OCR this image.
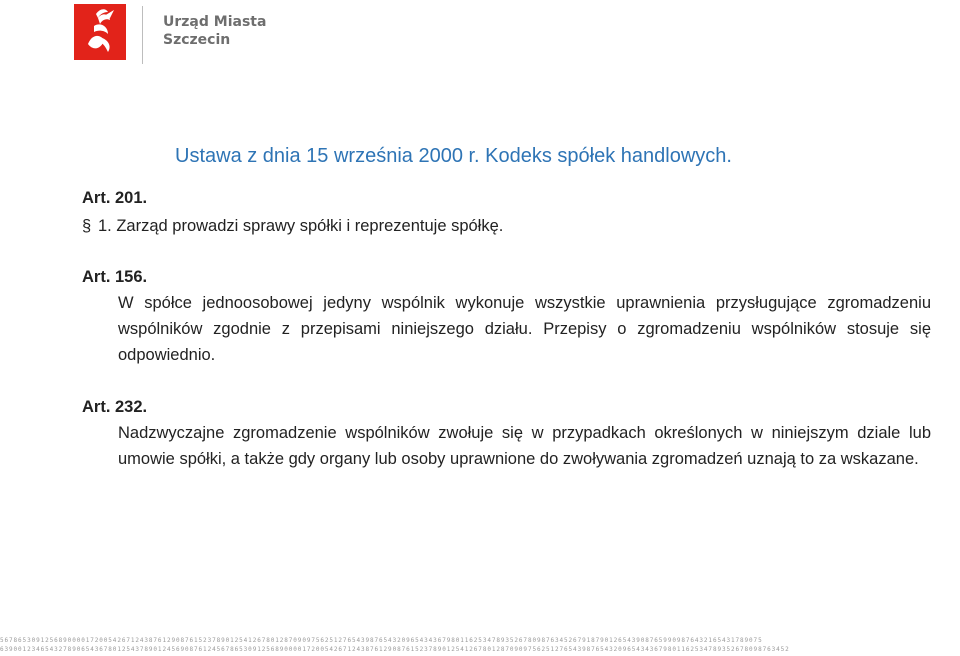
Urząd Miasta
Szczecin
Ustawa z dnia 15 września 2000 r. Kodeks spółek handlowych.
Art. 201.
§ 1. Zarząd prowadzi sprawy spółki i reprezentuje spółkę.
Art. 156.
W spółce jednoosobowej jedyny wspólnik wykonuje wszystkie uprawnienia przysługujące zgromadzeniu wspólników zgodnie z przepisami niniejszego działu. Przepisy o zgromadzeniu wspólników stosuje się odpowiednio.
Art. 232.
Nadzwyczajne zgromadzenie wspólników zwołuje się w przypadkach określonych w niniejszym dziale lub umowie spółki, a także gdy organy lub osoby uprawnione do zwoływania zgromadzeń uznają to za wskazane.
5678653091256890000172005426712438761290876152378901254126780128709097562512765439876543209654343679801162534789352678098763452679187901265439087659909876432165431789075
6390012346543278906543678012543789012456908761245678653091256890000172005426712438761290876152378901254126780128709097562512765439876543209654343679801162534789352678098763452
